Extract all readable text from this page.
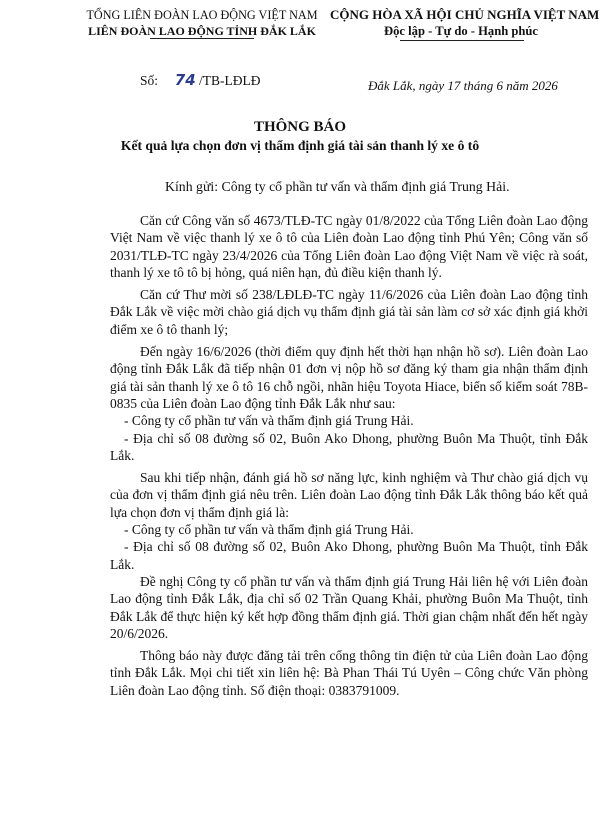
TỔNG LIÊN ĐOÀN LAO ĐỘNG VIỆT NAM
LIÊN ĐOÀN LAO ĐỘNG TỈNH ĐẮK LẮK
CỘNG HÒA XÃ HỘI CHỦ NGHĨA VIỆT NAM
Độc lập - Tự do - Hạnh phúc
Số: 74 /TB-LĐLĐ	Đắk Lắk, ngày 17 tháng 6 năm 2026
THÔNG BÁO
Kết quả lựa chọn đơn vị thẩm định giá tài sản thanh lý xe ô tô
Kính gửi: Công ty cổ phần tư vấn và thẩm định giá Trung Hải.

Căn cứ Công văn số 4673/TLĐ-TC ngày 01/8/2022 của Tổng Liên đoàn Lao động Việt Nam về việc thanh lý xe ô tô của Liên đoàn Lao động tỉnh Phú Yên; Công văn số 2031/TLĐ-TC ngày 23/4/2026 của Tổng Liên đoàn Lao động Việt Nam về việc rà soát, thanh lý xe tô tô bị hỏng, quá niên hạn, đủ điều kiện thanh lý.

Căn cứ Thư mời số 238/LĐLĐ-TC ngày 11/6/2026 của Liên đoàn Lao động tỉnh Đắk Lắk về việc mời chào giá dịch vụ thẩm định giá tài sản làm cơ sở xác định giá khởi điểm xe ô tô thanh lý;

Đến ngày 16/6/2026 (thời điểm quy định hết thời hạn nhận hồ sơ). Liên đoàn Lao động tỉnh Đắk Lắk đã tiếp nhận 01 đơn vị nộp hồ sơ đăng ký tham gia nhận thẩm định giá tài sản thanh lý xe ô tô 16 chỗ ngồi, nhãn hiệu Toyota Hiace, biển số kiểm soát 78B-0835 của Liên đoàn Lao động tỉnh Đắk Lắk như sau:

- Công ty cổ phần tư vấn và thẩm định giá Trung Hải.

- Địa chỉ số 08 đường số 02, Buôn Ako Dhong, phường Buôn Ma Thuột, tỉnh Đắk Lắk.

Sau khi tiếp nhận, đánh giá hồ sơ năng lực, kinh nghiệm và Thư chào giá dịch vụ của đơn vị thẩm định giá nêu trên. Liên đoàn Lao động tỉnh Đắk Lắk thông báo kết quả lựa chọn đơn vị thẩm định giá là:

- Công ty cổ phần tư vấn và thẩm định giá Trung Hải.

- Địa chỉ số 08 đường số 02, Buôn Ako Dhong, phường Buôn Ma Thuột, tỉnh Đắk Lắk.

Đề nghị Công ty cổ phần tư vấn và thẩm định giá Trung Hải liên hệ với Liên đoàn Lao động tỉnh Đắk Lắk, địa chỉ số 02 Trần Quang Khải, phường Buôn Ma Thuột, tỉnh Đắk Lắk để thực hiện ký kết hợp đồng thẩm định giá. Thời gian chậm nhất đến hết ngày 20/6/2026.

Thông báo này được đăng tải trên cổng thông tin điện tử của Liên đoàn Lao động tỉnh Đắk Lắk. Mọi chi tiết xin liên hệ: Bà Phan Thái Tú Uyên – Công chức Văn phòng Liên đoàn Lao động tỉnh. Số điện thoại: 0383791009.
